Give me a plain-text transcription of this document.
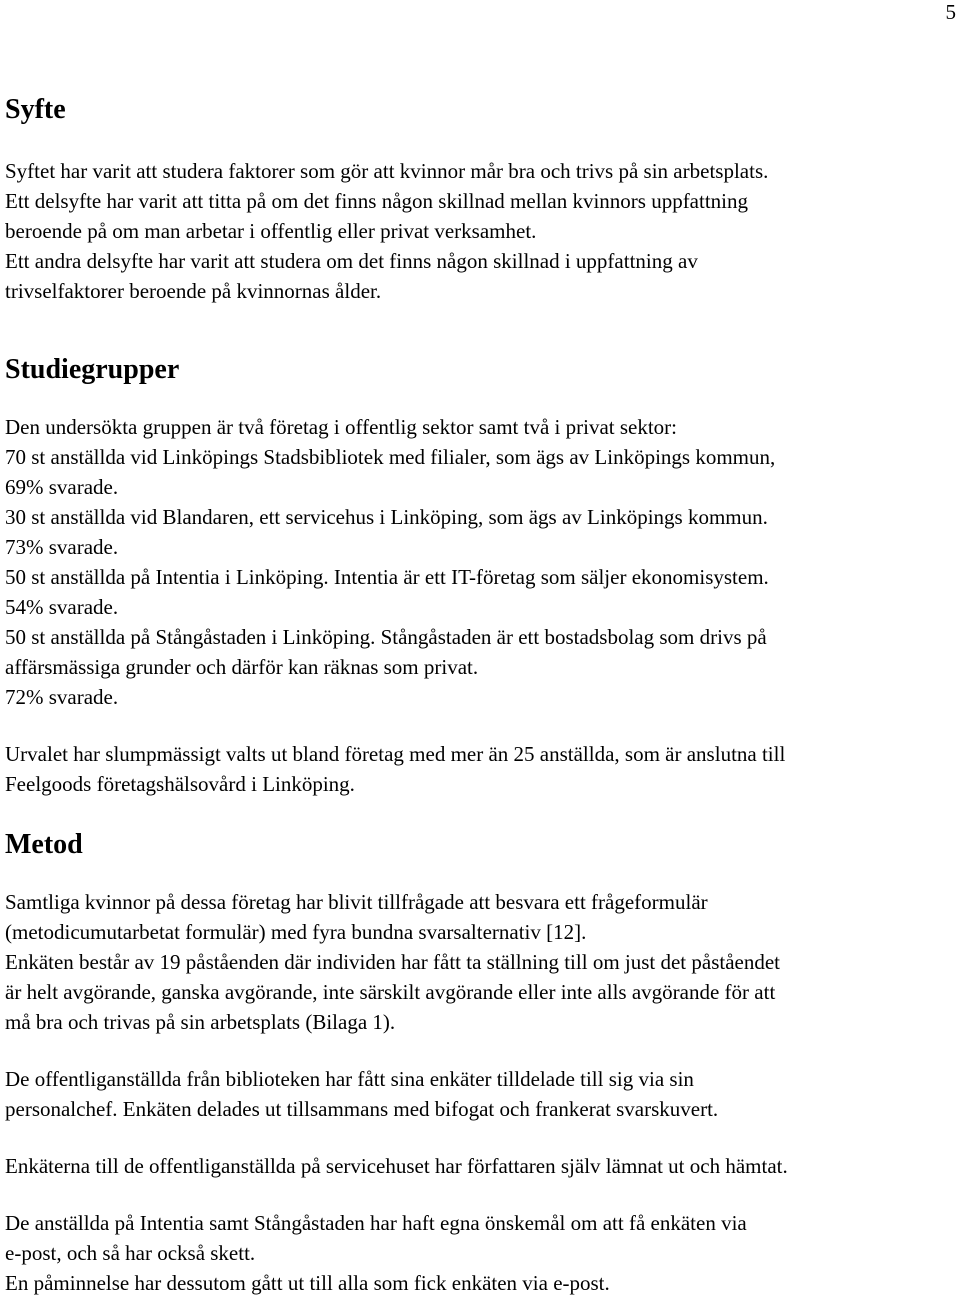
5
Syfte

Syftet har varit att studera faktorer som gör att kvinnor mår bra och trivs på sin arbetsplats.
Ett delsyfte har varit att titta på om det finns någon skillnad mellan kvinnors uppfattning
beroende på om man arbetar i offentlig eller privat verksamhet.
Ett andra delsyfte har varit att studera om det finns någon skillnad i uppfattning av
trivselfaktorer beroende på kvinnornas ålder.

Studiegrupper

Den undersökta gruppen är två företag i offentlig sektor samt två i privat sektor:
70 st anställda vid Linköpings Stadsbibliotek med filialer, som ägs av Linköpings kommun,
69% svarade.
30 st anställda vid Blandaren, ett servicehus i Linköping, som ägs av Linköpings kommun.
73% svarade.
50 st anställda på Intentia i Linköping. Intentia är ett IT-företag som säljer ekonomisystem.
54% svarade.
50 st anställda på Stångåstaden i Linköping. Stångåstaden är ett bostadsbolag som drivs på
affärsmässiga grunder och därför kan räknas som privat.
72% svarade.

Urvalet har slumpmässigt valts ut bland företag med mer än 25 anställda, som är anslutna till
Feelgoods företagshälsovård i Linköping.

Metod

Samtliga kvinnor på dessa företag har blivit tillfrågade att besvara ett frågeformulär
(metodicumutarbetat formulär) med fyra bundna svarsalternativ [12].
Enkäten består av 19 påståenden där individen har fått ta ställning till om just det påståendet
är helt avgörande, ganska avgörande, inte särskilt avgörande eller inte alls avgörande för att
må bra och trivas på sin arbetsplats (Bilaga 1).

De offentliganställda från biblioteken har fått sina enkäter tilldelade till sig via sin
personalchef. Enkäten delades ut tillsammans med bifogat och frankerat svarskuvert.

Enkäterna till de offentliganställda på servicehuset har författaren själv lämnat ut och hämtat.

De anställda på Intentia samt Stångåstaden har haft egna önskemål om att få enkäten via
e-post, och så har också skett.
En påminnelse har dessutom gått ut till alla som fick enkäten via e-post.
